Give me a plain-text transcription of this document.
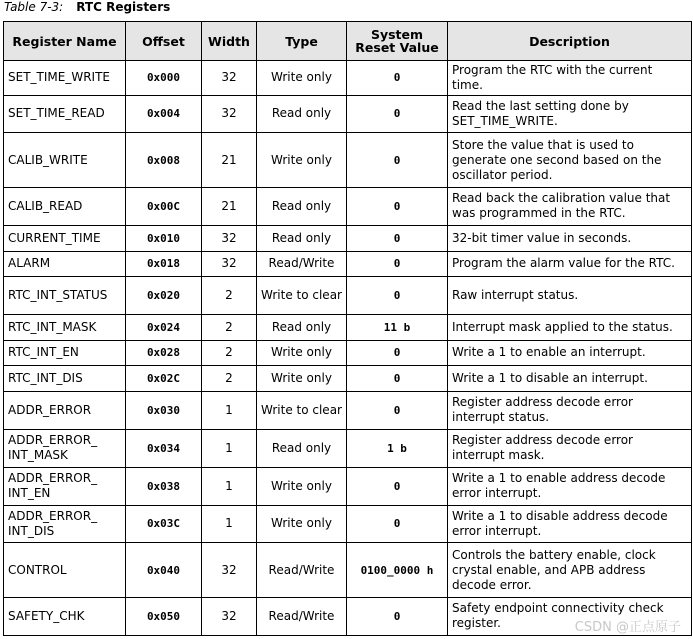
Table 7-3: RTC Registers
Register Name	Offset	Width	Type	System Reset Value	Description
SET_TIME_WRITE	0x000	32	Write only	0	Program the RTC with the current time.
SET_TIME_READ	0x004	32	Read only	0	Read the last setting done by SET_TIME_WRITE.
CALIB_WRITE	0x008	21	Write only	0	Store the value that is used to generate one second based on the oscillator period.
CALIB_READ	0x00C	21	Read only	0	Read back the calibration value that was programmed in the RTC.
CURRENT_TIME	0x010	32	Read only	0	32-bit timer value in seconds.
ALARM	0x018	32	Read/Write	0	Program the alarm value for the RTC.
RTC_INT_STATUS	0x020	2	Write to clear	0	Raw interrupt status.
RTC_INT_MASK	0x024	2	Read only	11 b	Interrupt mask applied to the status.
RTC_INT_EN	0x028	2	Write only	0	Write a 1 to enable an interrupt.
RTC_INT_DIS	0x02C	2	Write only	0	Write a 1 to disable an interrupt.
ADDR_ERROR	0x030	1	Write to clear	0	Register address decode error interrupt status.
ADDR_ERROR_ INT_MASK	0x034	1	Read only	1 b	Register address decode error interrupt mask.
ADDR_ERROR_ INT_EN	0x038	1	Write only	0	Write a 1 to enable address decode error interrupt.
ADDR_ERROR_ INT_DIS	0x03C	1	Write only	0	Write a 1 to disable address decode error interrupt.
CONTROL	0x040	32	Read/Write	0100_0000 h	Controls the battery enable, clock crystal enable, and APB address decode error.
SAFETY_CHK	0x050	32	Read/Write	0	Safety endpoint connectivity check register.	CSDN @正点原子
